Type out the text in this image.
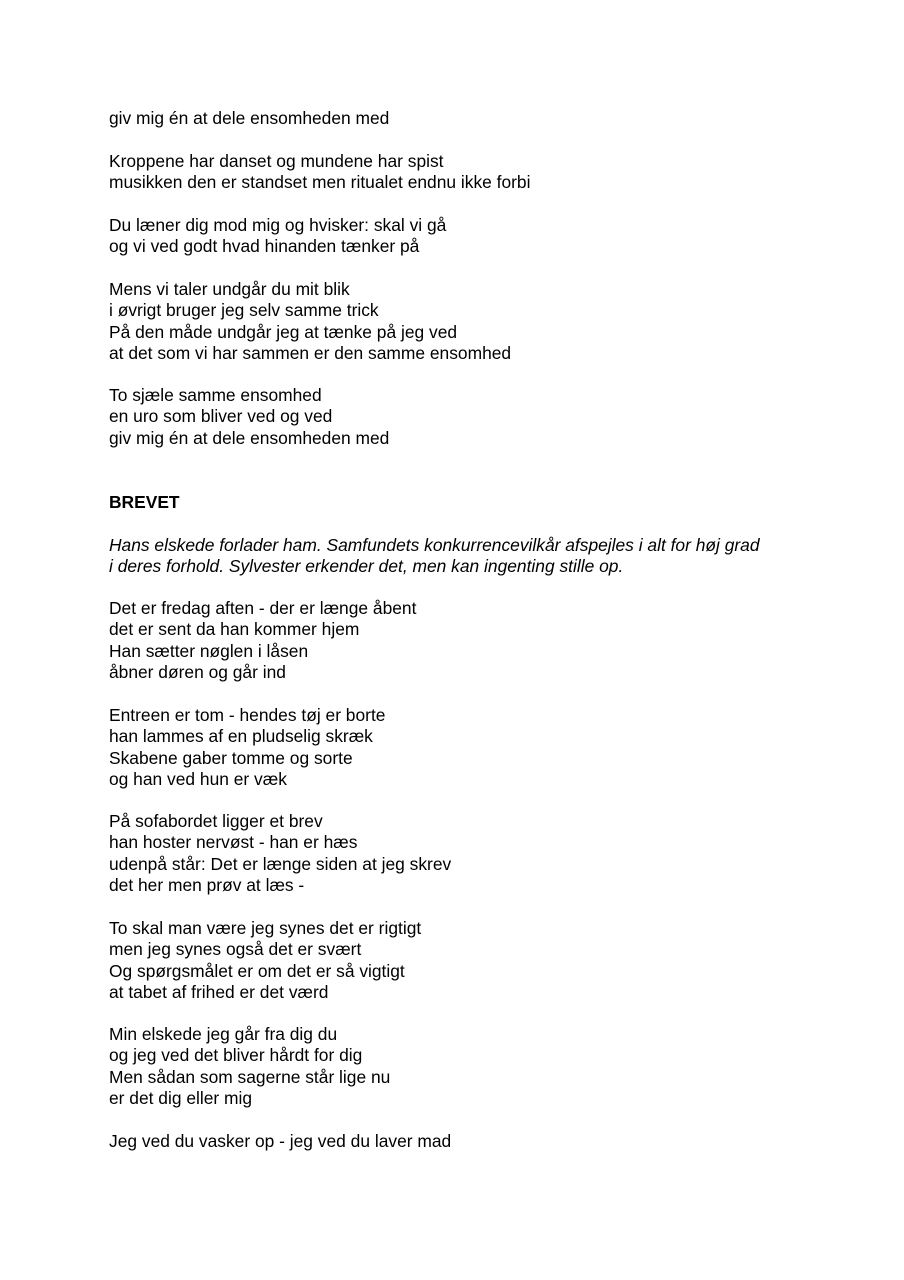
giv mig én at dele ensomheden med
Kroppene har danset og mundene har spist
musikken den er standset men ritualet endnu ikke forbi
Du læner dig mod mig og hvisker: skal vi gå
og vi ved godt hvad hinanden tænker på
Mens vi taler undgår du mit blik
i øvrigt bruger jeg selv samme trick
På den måde undgår jeg at tænke på jeg ved
at det som vi har sammen er den samme ensomhed
To sjæle samme ensomhed
en uro som bliver ved og ved
giv mig én at dele ensomheden med
BREVET
Hans elskede forlader ham. Samfundets konkurrencevilkår afspejles i alt for høj grad
i deres forhold. Sylvester erkender det, men kan ingenting stille op.
Det er fredag aften - der er længe åbent
det er sent da han kommer hjem
Han sætter nøglen i låsen
åbner døren og går ind
Entreen er tom - hendes tøj er borte
han lammes af en pludselig skræk
Skabene gaber tomme og sorte
og han ved hun er væk
På sofabordet ligger et brev
han hoster nervøst - han er hæs
udenpå står: Det er længe siden at jeg skrev
det her men prøv at læs -
To skal man være jeg synes det er rigtigt
men jeg synes også det er svært
Og spørgsmålet er om det er så vigtigt
at tabet af frihed er det værd
Min elskede jeg går fra dig du
og jeg ved det bliver hårdt for dig
Men sådan som sagerne står lige nu
er det dig eller mig
Jeg ved du vasker op - jeg ved du laver mad
